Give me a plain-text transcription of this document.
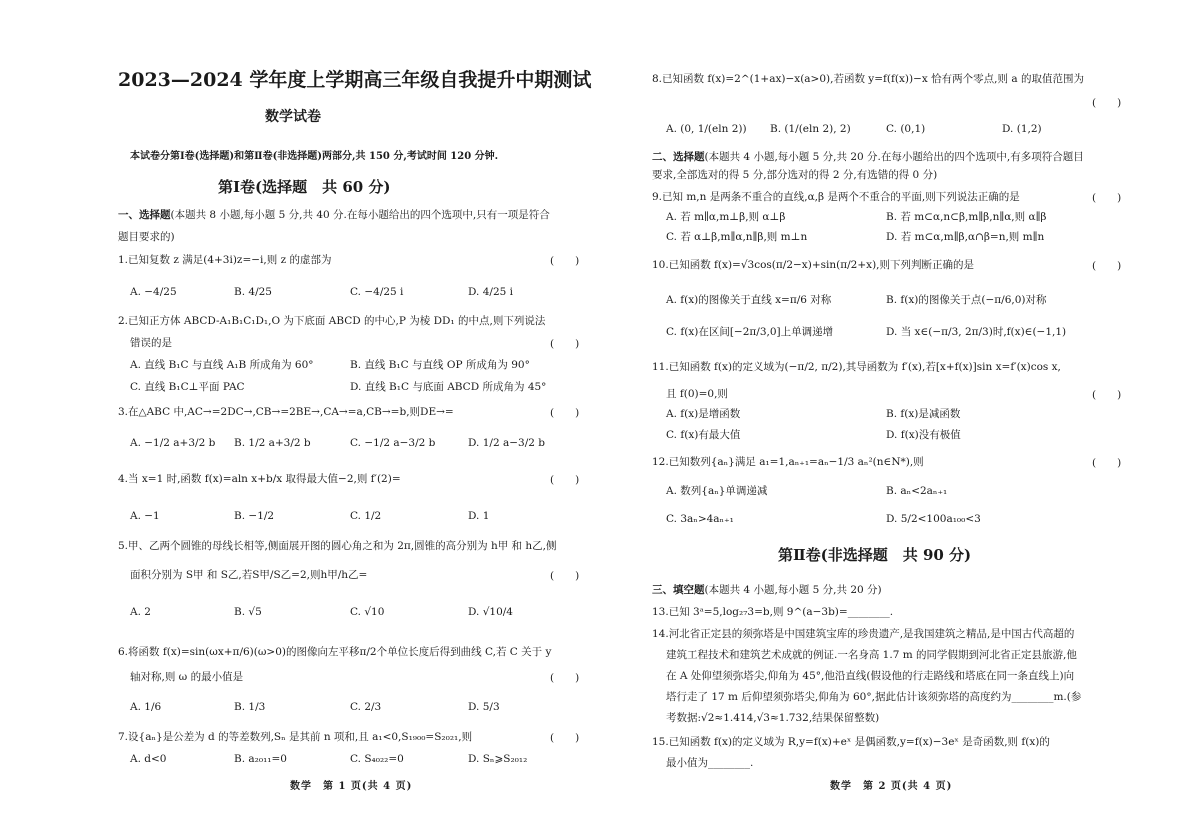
2023—2024 学年度上学期高三年级自我提升中期测试
数学试卷
本试卷分第Ⅰ卷(选择题)和第Ⅱ卷(非选择题)两部分,共 150 分,考试时间 120 分钟.
第Ⅰ卷(选择题　共 60 分)
一、选择题(本题共 8 小题,每小题 5 分,共 40 分.在每小题给出的四个选项中,只有一项是符合
题目要求的)
1.已知复数 z 满足(4+3i)z=−i,则 z 的虚部为	(　　)
A. −4/25	B. 4/25	C. −4/25 i	D. 4/25 i
2.已知正方体 ABCD-A₁B₁C₁D₁,O 为下底面 ABCD 的中心,P 为棱 DD₁ 的中点,则下列说法
错误的是	(　　)
A. 直线 B₁C 与直线 A₁B 所成角为 60°	B. 直线 B₁C 与直线 OP 所成角为 90°
C. 直线 B₁C⊥平面 PAC	D. 直线 B₁C 与底面 ABCD 所成角为 45°
3.在△ABC 中,AC→=2DC→,CB→=2BE→,CA→=a,CB→=b,则DE→=	(　　)
A. −1/2 a+3/2 b B. 1/2 a+3/2 b	C. −1/2 a−3/2 b	D. 1/2 a−3/2 b
4.当 x=1 时,函数 f(x)=aln x+b/x 取得最大值−2,则 f′(2)=	(　　)
A. −1	B. −1/2	C. 1/2	D. 1
5.甲、乙两个圆锥的母线长相等,侧面展开图的圆心角之和为 2π,圆锥的高分别为 h甲 和 h乙,侧
面积分别为 S甲 和 S乙,若S甲/S乙=2,则h甲/h乙=	(　　)
A. 2	B. √5	C. √10	D. √10/4
6.将函数 f(x)=sin(ωx+π/6)(ω>0)的图像向左平移π/2个单位长度后得到曲线 C,若 C 关于 y
轴对称,则 ω 的最小值是	(　　)
A. 1/6	B. 1/3	C. 2/3	D. 5/3
7.设{aₙ}是公差为 d 的等差数列,Sₙ 是其前 n 项和,且 a₁<0,S₁₉₀₀=S₂₀₂₁,则	(　　)
A. d<0	B. a₂₀₁₁=0	C. S₄₀₂₂=0	D. Sₙ⩾S₂₀₁₂
数学　第 1 页(共 4 页)
8.已知函数 f(x)=2^(1+ax)−x(a>0),若函数 y=f(f(x))−x 恰有两个零点,则 a 的取值范围为
(　　)
A. (0, 1/(eln 2)) B. (1/(eln 2), 2)	C. (0,1)	D. (1,2)
二、选择题(本题共 4 小题,每小题 5 分,共 20 分.在每小题给出的四个选项中,有多项符合题目
要求,全部选对的得 5 分,部分选对的得 2 分,有选错的得 0 分)
9.已知 m,n 是两条不重合的直线,α,β 是两个不重合的平面,则下列说法正确的是	(　　)
A. 若 m∥α,m⊥β,则 α⊥β	B. 若 m⊂α,n⊂β,m∥β,n∥α,则 α∥β
C. 若 α⊥β,m∥α,n∥β,则 m⊥n	D. 若 m⊂α,m∥β,α∩β=n,则 m∥n
10.已知函数 f(x)=√3cos(π/2−x)+sin(π/2+x),则下列判断正确的是	(　　)
A. f(x)的图像关于直线 x=π/6 对称	B. f(x)的图像关于点(−π/6,0)对称
C. f(x)在区间[−2π/3,0]上单调递增	D. 当 x∈(−π/3, 2π/3)时,f(x)∈(−1,1)
11.已知函数 f(x)的定义域为(−π/2, π/2),其导函数为 f′(x),若[x+f(x)]sin x=f′(x)cos x,
且 f(0)=0,则	(　　)
A. f(x)是增函数	B. f(x)是减函数
C. f(x)有最大值	D. f(x)没有极值
12.已知数列{aₙ}满足 a₁=1,aₙ₊₁=aₙ−1/3 aₙ²(n∈N*),则	(　　)
A. 数列{aₙ}单调递减	B. aₙ<2aₙ₊₁
C. 3aₙ>4aₙ₊₁	D. 5/2<100a₁₀₀<3
第Ⅱ卷(非选择题　共 90 分)
三、填空题(本题共 4 小题,每小题 5 分,共 20 分)
13.已知 3ᵃ=5,log₂₇3=b,则 9^(a−3b)=________.
14.河北省正定县的须弥塔是中国建筑宝库的珍贵遗产,是我国建筑之精品,是中国古代高超的
建筑工程技术和建筑艺术成就的例证.一名身高 1.7 m 的同学假期到河北省正定县旅游,他
在 A 处仰望须弥塔尖,仰角为 45°,他沿直线(假设他的行走路线和塔底在同一条直线上)向
塔行走了 17 m 后仰望须弥塔尖,仰角为 60°,据此估计该须弥塔的高度约为________m.(参
考数据:√2≈1.414,√3≈1.732,结果保留整数)
15.已知函数 f(x)的定义域为 R,y=f(x)+eˣ 是偶函数,y=f(x)−3eˣ 是奇函数,则 f(x)的
最小值为________.
数学　第 2 页(共 4 页)
